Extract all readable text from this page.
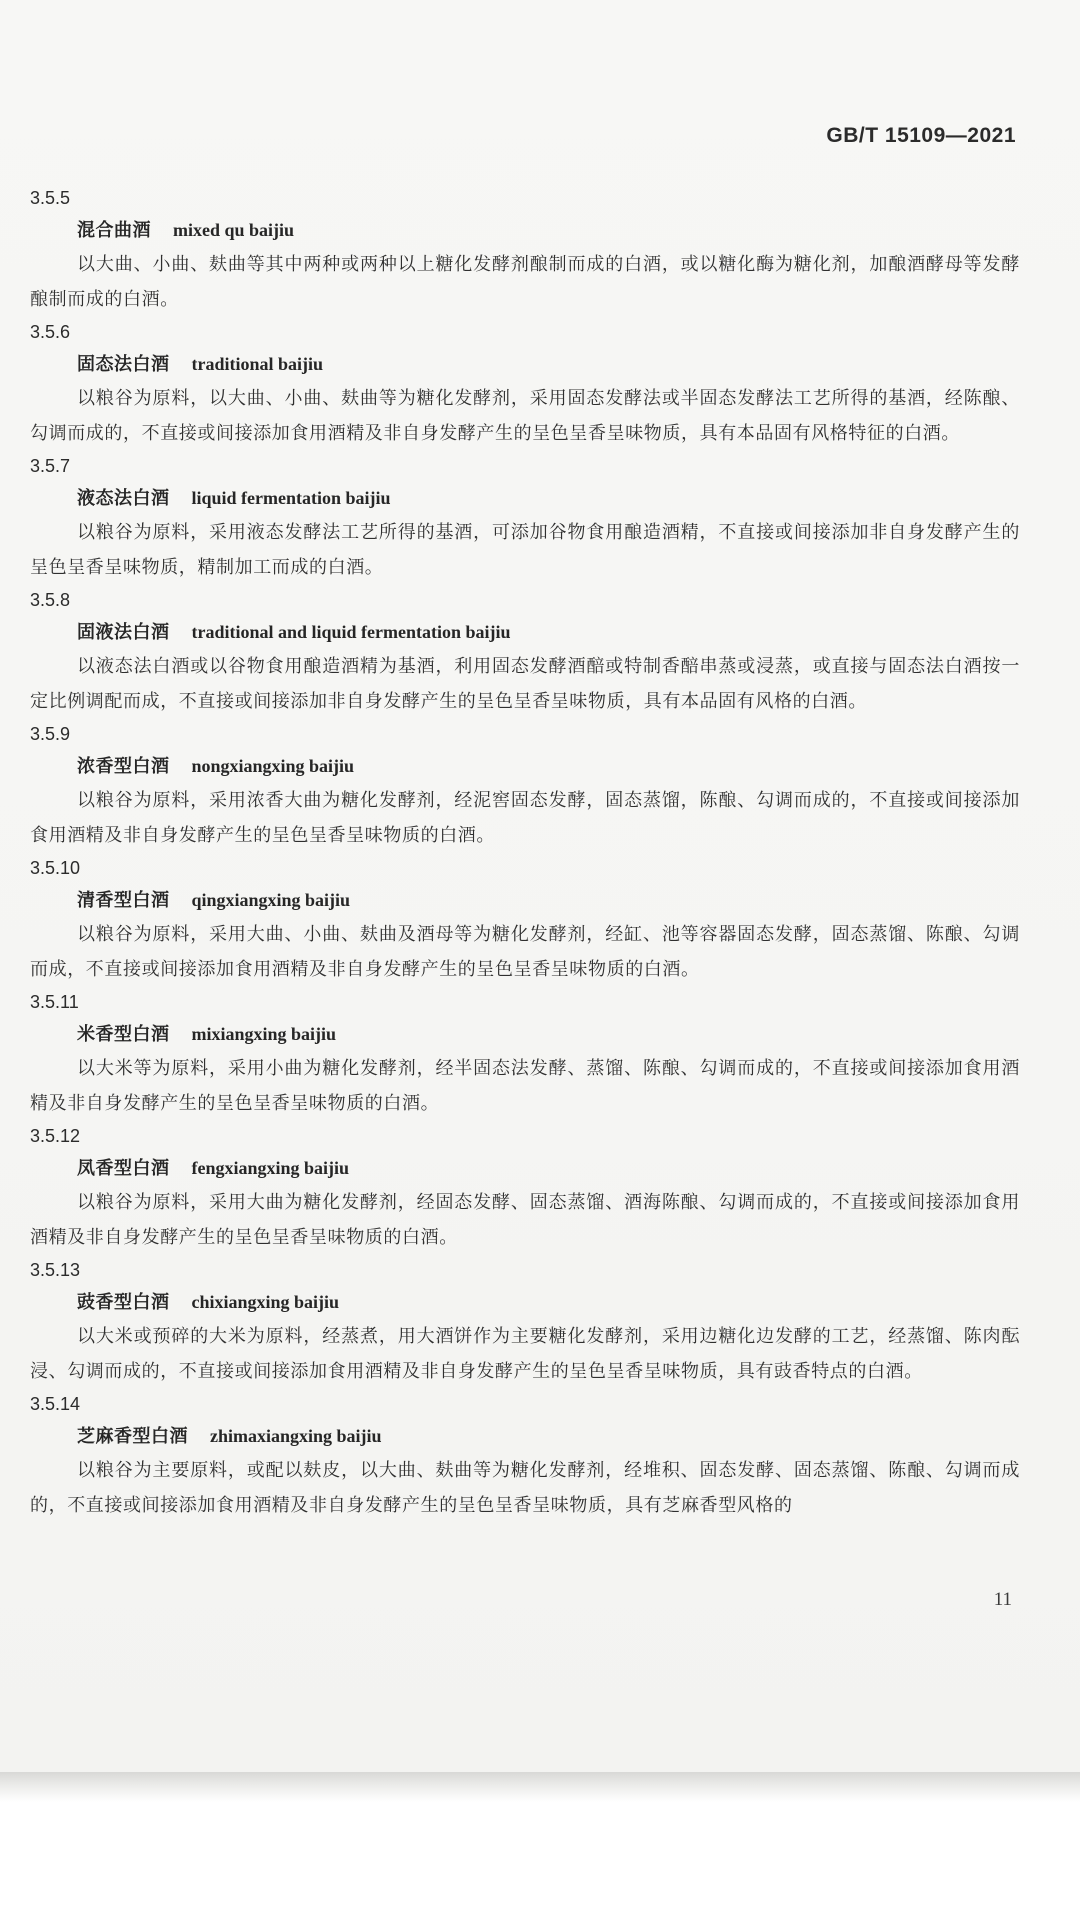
GB/T 15109—2021
3.5.5
混合曲酒 mixed qu baijiu

以大曲、小曲、麸曲等其中两种或两种以上糖化发酵剂酿制而成的白酒，或以糖化酶为糖化剂，加酿酒酵母等发酵酿制而成的白酒。

3.5.6
固态法白酒 traditional baijiu

以粮谷为原料，以大曲、小曲、麸曲等为糖化发酵剂，采用固态发酵法或半固态发酵法工艺所得的基酒，经陈酿、勾调而成的，不直接或间接添加食用酒精及非自身发酵产生的呈色呈香呈味物质，具有本品固有风格特征的白酒。

3.5.7
液态法白酒 liquid fermentation baijiu

以粮谷为原料，采用液态发酵法工艺所得的基酒，可添加谷物食用酿造酒精，不直接或间接添加非自身发酵产生的呈色呈香呈味物质，精制加工而成的白酒。

3.5.8
固液法白酒 traditional and liquid fermentation baijiu

以液态法白酒或以谷物食用酿造酒精为基酒，利用固态发酵酒醅或特制香醅串蒸或浸蒸，或直接与固态法白酒按一定比例调配而成，不直接或间接添加非自身发酵产生的呈色呈香呈味物质，具有本品固有风格的白酒。

3.5.9
浓香型白酒 nongxiangxing baijiu

以粮谷为原料，采用浓香大曲为糖化发酵剂，经泥窖固态发酵，固态蒸馏，陈酿、勾调而成的，不直接或间接添加食用酒精及非自身发酵产生的呈色呈香呈味物质的白酒。

3.5.10
清香型白酒 qingxiangxing baijiu

以粮谷为原料，采用大曲、小曲、麸曲及酒母等为糖化发酵剂，经缸、池等容器固态发酵，固态蒸馏、陈酿、勾调而成，不直接或间接添加食用酒精及非自身发酵产生的呈色呈香呈味物质的白酒。

3.5.11
米香型白酒 mixiangxing baijiu

以大米等为原料，采用小曲为糖化发酵剂，经半固态法发酵、蒸馏、陈酿、勾调而成的，不直接或间接添加食用酒精及非自身发酵产生的呈色呈香呈味物质的白酒。

3.5.12
凤香型白酒 fengxiangxing baijiu

以粮谷为原料，采用大曲为糖化发酵剂，经固态发酵、固态蒸馏、酒海陈酿、勾调而成的，不直接或间接添加食用酒精及非自身发酵产生的呈色呈香呈味物质的白酒。

3.5.13
豉香型白酒 chixiangxing baijiu

以大米或预碎的大米为原料，经蒸煮，用大酒饼作为主要糖化发酵剂，采用边糖化边发酵的工艺，经蒸馏、陈肉酝浸、勾调而成的，不直接或间接添加食用酒精及非自身发酵产生的呈色呈香呈味物质，具有豉香特点的白酒。

3.5.14
芝麻香型白酒 zhimaxiangxing baijiu

以粮谷为主要原料，或配以麸皮，以大曲、麸曲等为糖化发酵剂，经堆积、固态发酵、固态蒸馏、陈酿、勾调而成的，不直接或间接添加食用酒精及非自身发酵产生的呈色呈香呈味物质，具有芝麻香型风格的

11
